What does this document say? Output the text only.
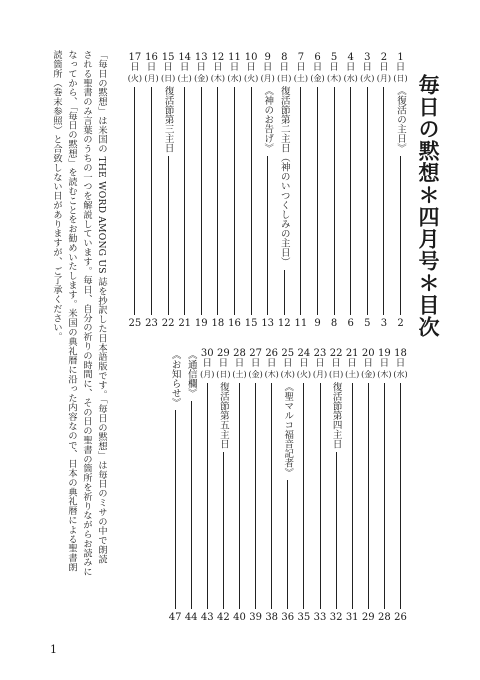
毎日の黙想＊四月号＊目次
1
日
(日)
《復活の主日》
2
2
日
(月)
3
3
日
(火)
5
4
日
(水)
6
5
日
(木)
8
6
日
(金)
9
7
日
(土)
11
8
日
(日)
復活節第二主日（神のいつくしみの主日）
12
9
日
(月)
《神のお告げ》
13
10
日
(火)
15
11
日
(水)
16
12
日
(木)
18
13
日
(金)
19
14
日
(土)
21
15
日
(日)
復活節第三主日
22
16
日
(月)
23
17
日
(火)
25
18
日
(水)
26
19
日
(木)
28
20
日
(金)
29
21
日
(土)
31
22
日
(日)
復活節第四主日
32
23
日
(月)
33
24
日
(火)
35
25
日
(水)
《聖マルコ福音記者》
36
26
日
(木)
38
27
日
(金)
39
28
日
(土)
40
29
日
(日)
復活節第五主日
42
30
日
(月)
43
《通信欄》
44
《お知らせ》
47
「毎日の黙想」は米国の THE WORD AMONG US 誌を抄訳した日本語版です。「毎日の黙想」は毎日のミサの中で朗読
される聖書のみ言葉のうちの一つを解説しています。毎日、自分の祈りの時間に、その日の聖書の箇所を祈りながらお読みに
なってから、「毎日の黙想」を読むことをお勧めいたします。米国の典礼暦に沿った内容なので、日本の典礼暦による聖書朗
読箇所（巻末参照）と合致しない日がありますが、ご了承ください。
1
